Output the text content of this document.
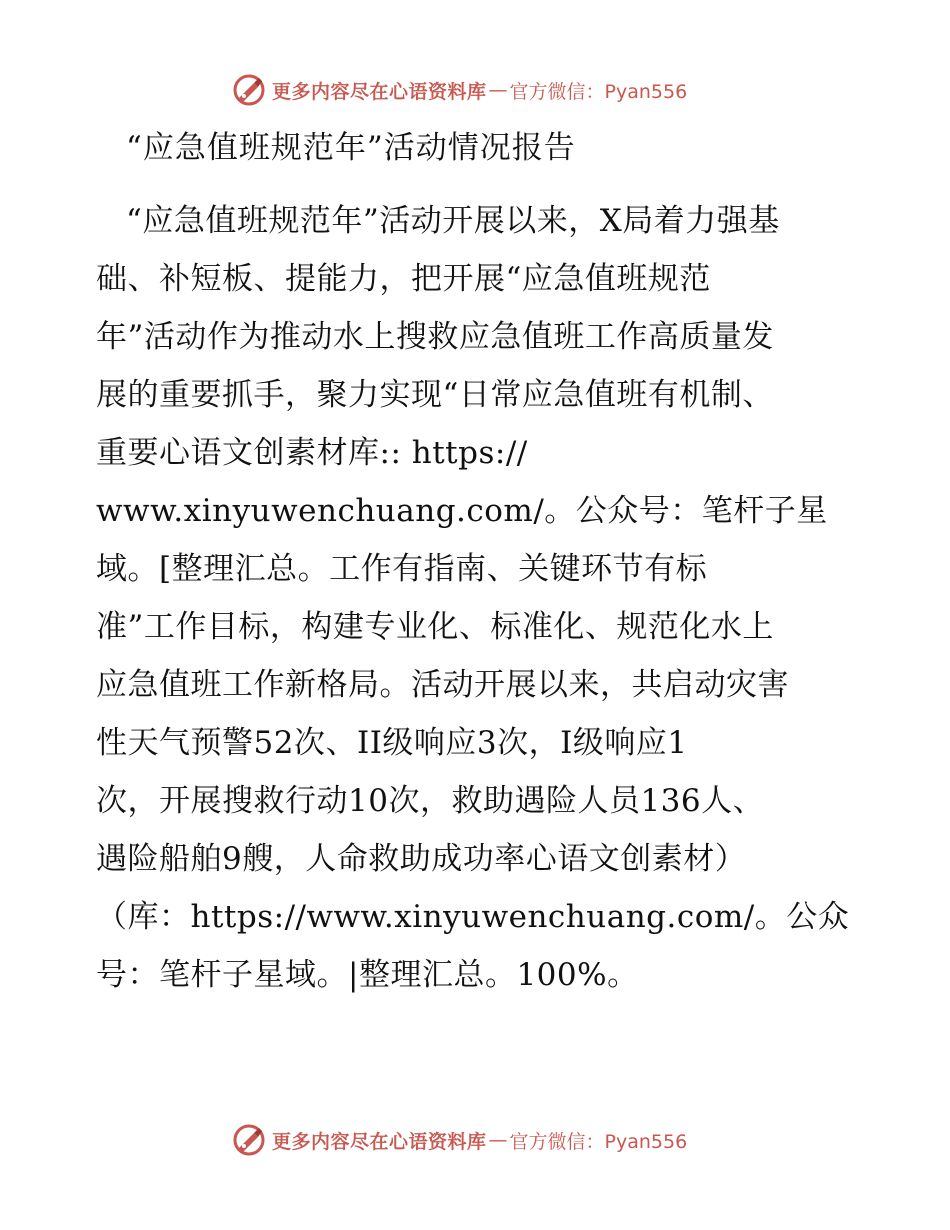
更多内容尽在心语资料库 — 官方微信：Pyan556
“应急值班规范年”活动情况报告
“应急值班规范年”活动开展以来，X局着力强基
础、补短板、提能力，把开展“应急值班规范
年”活动作为推动水上搜救应急值班工作高质量发
展的重要抓手，聚力实现“日常应急值班有机制、
重要心语文创素材库:: https://
www.xinyuwenchuang.com/。公众号：笔杆子星
域。[整理汇总。工作有指南、关键环节有标
准”工作目标，构建专业化、标准化、规范化水上
应急值班工作新格局。活动开展以来，共启动灾害
性天气预警52次、II级响应3次，Ⅰ级响应1
次，开展搜救行动10次，救助遇险人员136人、
遇险船舶9艘，人命救助成功率心语文创素材）
（库：https://www.xinyuwenchuang.com/。公众
号：笔杆子星域。|整理汇总。100%。
更多内容尽在心语资料库 — 官方微信：Pyan556
